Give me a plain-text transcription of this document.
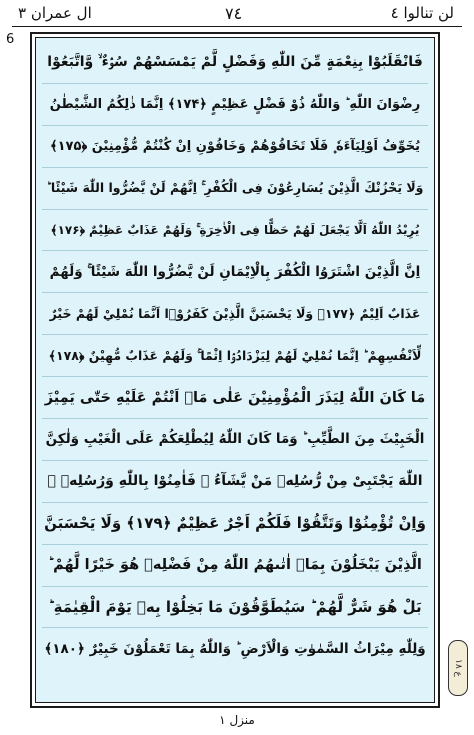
لن تنالوا ٤
٧٤
ال عمران ٣
6
فَانْقَلَبُوْا بِنِعْمَةٍ مِّنَ اللّٰهِ وَفَضْلٍ لَّمْ يَمْسَسْهُمْ سُوْۤءٌ ۙ وَّاتَّبَعُوْا
رِضْوَانَ اللّٰهِ ؕ وَاللّٰهُ ذُوْ فَضْلٍ عَظِيْمٍ ﴿۱۷۴﴾ اِنَّمَا ذٰلِكُمُ الشَّيْطٰنُ
يُخَوِّفُ اَوْلِيَآءَهٗ ۪ فَلَا تَخَافُوْهُمْ وَخَافُوْنِ اِنْ كُنْتُمْ مُّؤْمِنِيْنَ ﴿۱۷۵﴾
وَلَا يَحْزُنْكَ الَّذِيْنَ يُسَارِعُوْنَ فِى الْكُفْرِ ۚ اِنَّهُمْ لَنْ يَّضُرُّوا اللّٰهَ شَيْئًا ؕ
يُرِيْدُ اللّٰهُ اَلَّا يَجْعَلَ لَهُمْ حَظًّا فِى الْاٰخِرَةِ ۚ وَلَهُمْ عَذَابٌ عَظِيْمٌ ﴿۱۷۶﴾
اِنَّ الَّذِيْنَ اشْتَرَوُا الْكُفْرَ بِالْاِيْمَانِ لَنْ يَّضُرُّوا اللّٰهَ شَيْئًا ۚ وَلَهُمْ
عَذَابٌ اَلِيْمٌ ﴿۱۷۷﴾ وَلَا يَحْسَبَنَّ الَّذِيْنَ كَفَرُوْۤا اَنَّمَا نُمْلِيْ لَهُمْ خَيْرٌ
لِّاَنْفُسِهِمْ ؕ اِنَّمَا نُمْلِيْ لَهُمْ لِيَزْدَادُوْۤا اِثْمًا ۚ وَلَهُمْ عَذَابٌ مُّهِيْنٌ ﴿۱۷۸﴾
مَا كَانَ اللّٰهُ لِيَذَرَ الْمُؤْمِنِيْنَ عَلٰى مَاۤ اَنْتُمْ عَلَيْهِ حَتّٰى يَمِيْزَ
الْخَبِيْثَ مِنَ الطَّيِّبِ ؕ وَمَا كَانَ اللّٰهُ لِيُطْلِعَكُمْ عَلَى الْغَيْبِ وَلٰكِنَّ
اللّٰهَ يَجْتَبِىْ مِنْ رُّسُلِهٖ مَنْ يَّشَآءُ ۪ فَاٰمِنُوْا بِاللّٰهِ وَرُسُلِهٖ ۚ
وَاِنْ تُؤْمِنُوْا وَتَتَّقُوْا فَلَكُمْ اَجْرٌ عَظِيْمٌ ﴿۱۷۹﴾ وَلَا يَحْسَبَنَّ
الَّذِيْنَ يَبْخَلُوْنَ بِمَاۤ اٰتٰىهُمُ اللّٰهُ مِنْ فَضْلِهٖ هُوَ خَيْرًا لَّهُمْ ؕ
بَلْ هُوَ شَرٌّ لَّهُمْ ؕ سَيُطَوَّقُوْنَ مَا بَخِلُوْا بِهٖ يَوْمَ الْقِيٰمَةِ ؕ
وَلِلّٰهِ مِيْرَاثُ السَّمٰوٰتِ وَالْاَرْضِ ؕ وَاللّٰهُ بِمَا تَعْمَلُوْنَ خَبِيْرٌ ﴿۱۸۰﴾
ع ١٨
منزل ١
